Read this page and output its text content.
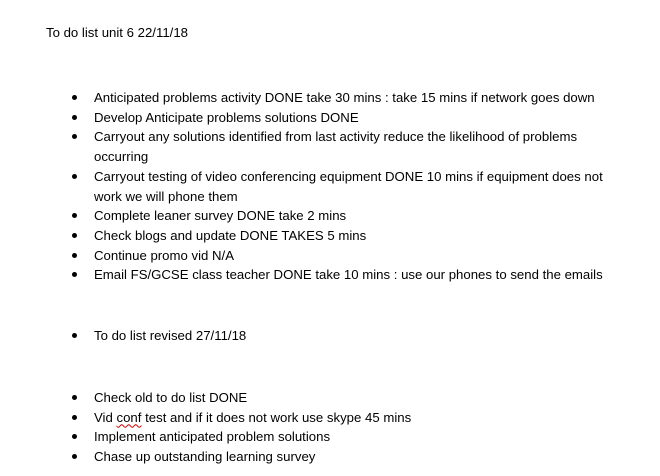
To do list unit 6 22/11/18
Anticipated problems activity DONE take 30 mins : take 15 mins if network goes down
Develop Anticipate problems solutions DONE
Carryout any solutions identified from last activity reduce the likelihood of problems occurring
Carryout testing of video conferencing equipment DONE 10 mins if equipment does not work we will phone them
Complete leaner survey DONE take 2 mins
Check blogs and update DONE TAKES 5 mins
Continue promo vid N/A
Email FS/GCSE class teacher DONE take 10 mins : use our phones to send the emails
To do list revised 27/11/18
Check old to do list DONE
Vid conf test and if it does not work use skype 45 mins
Implement anticipated problem solutions
Chase up outstanding learning survey
